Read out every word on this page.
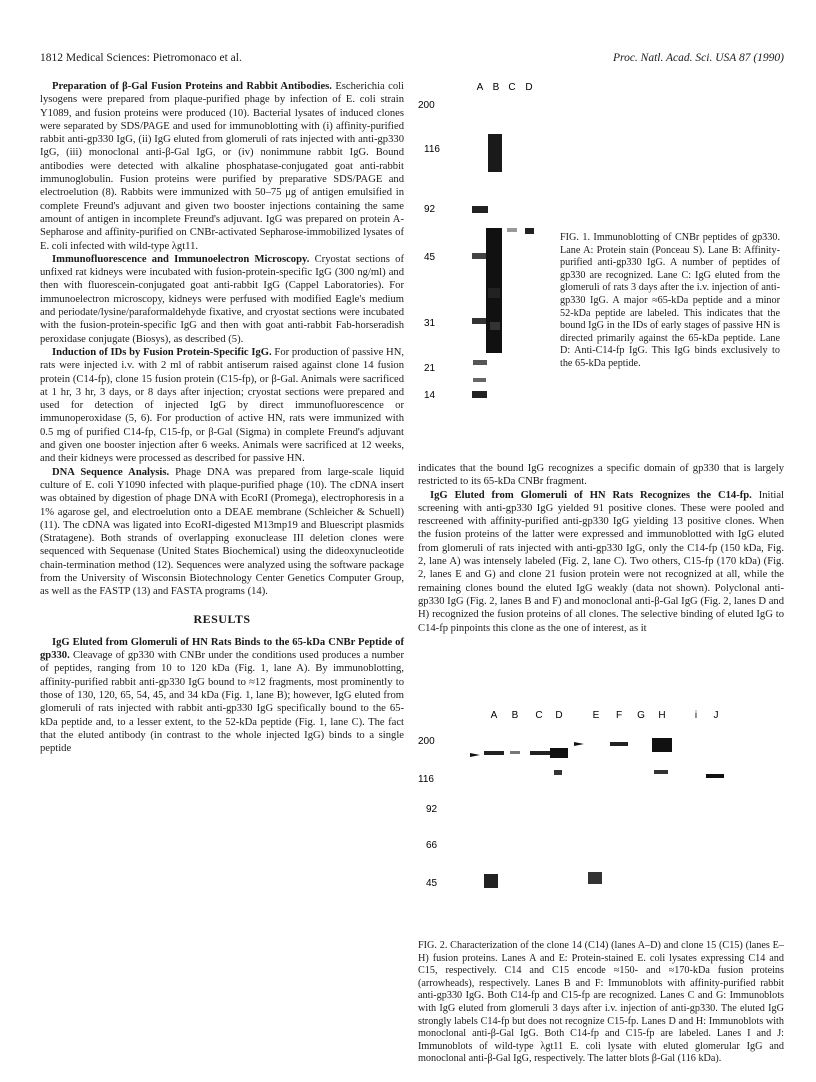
1812 Medical Sciences: Pietromonaco et al.	Proc. Natl. Acad. Sci. USA 87 (1990)

Preparation of β-Gal Fusion Proteins and Rabbit Antibodies. Escherichia coli lysogens were prepared from plaque-purified phage by infection of E. coli strain Y1089, and fusion proteins were produced (10). Bacterial lysates of induced clones were separated by SDS/PAGE and used for immunoblotting with (i) affinity-purified rabbit anti-gp330 IgG, (ii) IgG eluted from glomeruli of rats injected with anti-gp330 IgG, (iii) monoclonal anti-β-Gal IgG, or (iv) nonimmune rabbit IgG. Bound antibodies were detected with alkaline phosphatase-conjugated goat anti-rabbit immunoglobulin. Fusion proteins were purified by preparative SDS/PAGE and electroelution (8). Rabbits were immunized with 50–75 μg of antigen emulsified in complete Freund's adjuvant and given two booster injections containing the same amount of antigen in incomplete Freund's adjuvant. IgG was prepared on protein A-Sepharose and affinity-purified on CNBr-activated Sepharose-immobilized lysates of E. coli infected with wild-type λgt11.

Immunofluorescence and Immunoelectron Microscopy. Cryostat sections of unfixed rat kidneys were incubated with fusion-protein-specific IgG (300 ng/ml) and then with fluorescein-conjugated goat anti-rabbit IgG (Cappel Laboratories). For immunoelectron microscopy, kidneys were perfused with modified Eagle's medium and periodate/lysine/paraformaldehyde fixative, and cryostat sections were incubated with the fusion-protein-specific IgG and then with goat anti-rabbit Fab-horseradish peroxidase conjugate (Biosys), as described (5).

Induction of IDs by Fusion Protein-Specific IgG. For production of passive HN, rats were injected i.v. with 2 ml of rabbit antiserum raised against clone 14 fusion protein (C14-fp), clone 15 fusion protein (C15-fp), or β-Gal. Animals were sacrificed at 1 hr, 3 hr, 3 days, or 8 days after injection; cryostat sections were prepared and used for detection of injected IgG by direct immunofluorescence or immunoperoxidase (5, 6). For production of active HN, rats were immunized with 0.5 mg of purified C14-fp, C15-fp, or β-Gal (Sigma) in complete Freund's adjuvant and given one booster injection after 6 weeks. Animals were sacrificed at 12 weeks, and their kidneys were processed as described for passive HN.

DNA Sequence Analysis. Phage DNA was prepared from large-scale liquid culture of E. coli Y1090 infected with plaque-purified phage (10). The cDNA insert was obtained by digestion of phage DNA with EcoRI (Promega), electrophoresis in a 1% agarose gel, and electroelution onto a DEAE membrane (Schleicher & Schuell) (11). The cDNA was ligated into EcoRI-digested M13mp19 and Bluescript plasmids (Stratagene). Both strands of overlapping exonuclease III deletion clones were sequenced with Sequenase (United States Biochemical) using the dideoxynucleotide chain-termination method (12). Sequences were analyzed using the software package from the University of Wisconsin Biotechnology Center Genetics Computer Group, as well as the FASTP (13) and FASTA programs (14).

RESULTS

IgG Eluted from Glomeruli of HN Rats Binds to the 65-kDa CNBr Peptide of gp330. Cleavage of gp330 with CNBr under the conditions used produces a number of peptides, ranging from 10 to 120 kDa (Fig. 1, lane A). By immunoblotting, affinity-purified rabbit anti-gp330 IgG bound to ≈12 fragments, most prominently to those of 130, 120, 65, 54, 45, and 34 kDa (Fig. 1, lane B); however, IgG eluted from glomeruli of rats injected with rabbit anti-gp330 IgG specifically bound to the 65-kDa peptide and, to a lesser extent, to the 52-kDa peptide (Fig. 1, lane C). The fact that the eluted antibody (in contrast to the whole injected IgG) binds to a single peptide

A B C D
200
116
92
45
31
21
14
FIG. 1. Immunoblotting of CNBr peptides of gp330. Lane A: Protein stain (Ponceau S). Lane B: Affinity-purified anti-gp330 IgG. A number of peptides of gp330 are recognized. Lane C: IgG eluted from the glomeruli of rats 3 days after the i.v. injection of anti-gp330 IgG. A major ≈65-kDa peptide and a minor 52-kDa peptide are labeled. This indicates that the bound IgG in the IDs of early stages of passive HN is directed primarily against the 65-kDa peptide. Lane D: Anti-C14-fp IgG. This IgG binds exclusively to the 65-kDa peptide.

indicates that the bound IgG recognizes a specific domain of gp330 that is largely restricted to its 65-kDa CNBr fragment.

IgG Eluted from Glomeruli of HN Rats Recognizes the C14-fp. Initial screening with anti-gp330 IgG yielded 91 positive clones. These were pooled and rescreened with affinity-purified anti-gp330 IgG yielding 13 positive clones. When the fusion proteins of the latter were expressed and immunoblotted with IgG eluted from glomeruli of rats injected with anti-gp330 IgG, only the C14-fp (150 kDa, Fig. 2, lane A) was intensely labeled (Fig. 2, lane C). Two others, C15-fp (170 kDa) (Fig. 2, lanes E and G) and clone 21 fusion protein were not recognized at all, while the remaining clones bound the eluted IgG weakly (data not shown). Polyclonal anti-gp330 IgG (Fig. 2, lanes B and F) and monoclonal anti-β-Gal IgG (Fig. 2, lanes D and H) recognized the fusion proteins of all clones. The selective binding of eluted IgG to C14-fp pinpoints this clone as the one of interest, as it

A B C D	E F G H	i J
200
116
92
66
45
FIG. 2. Characterization of the clone 14 (C14) (lanes A–D) and clone 15 (C15) (lanes E–H) fusion proteins. Lanes A and E: Protein-stained E. coli lysates expressing C14 and C15, respectively. C14 and C15 encode ≈150- and ≈170-kDa fusion proteins (arrowheads), respectively. Lanes B and F: Immunoblots with affinity-purified rabbit anti-gp330 IgG. Both C14-fp and C15-fp are recognized. Lanes C and G: Immunoblots with IgG eluted from glomeruli 3 days after i.v. injection of anti-gp330. The eluted IgG strongly labels C14-fp but does not recognize C15-fp. Lanes D and H: Immunoblots with monoclonal anti-β-Gal IgG. Both C14-fp and C15-fp are labeled. Lanes I and J: Immunoblots of wild-type λgt11 E. coli lysate with eluted glomerular IgG and monoclonal anti-β-Gal IgG, respectively. The latter blots β-Gal (116 kDa).
